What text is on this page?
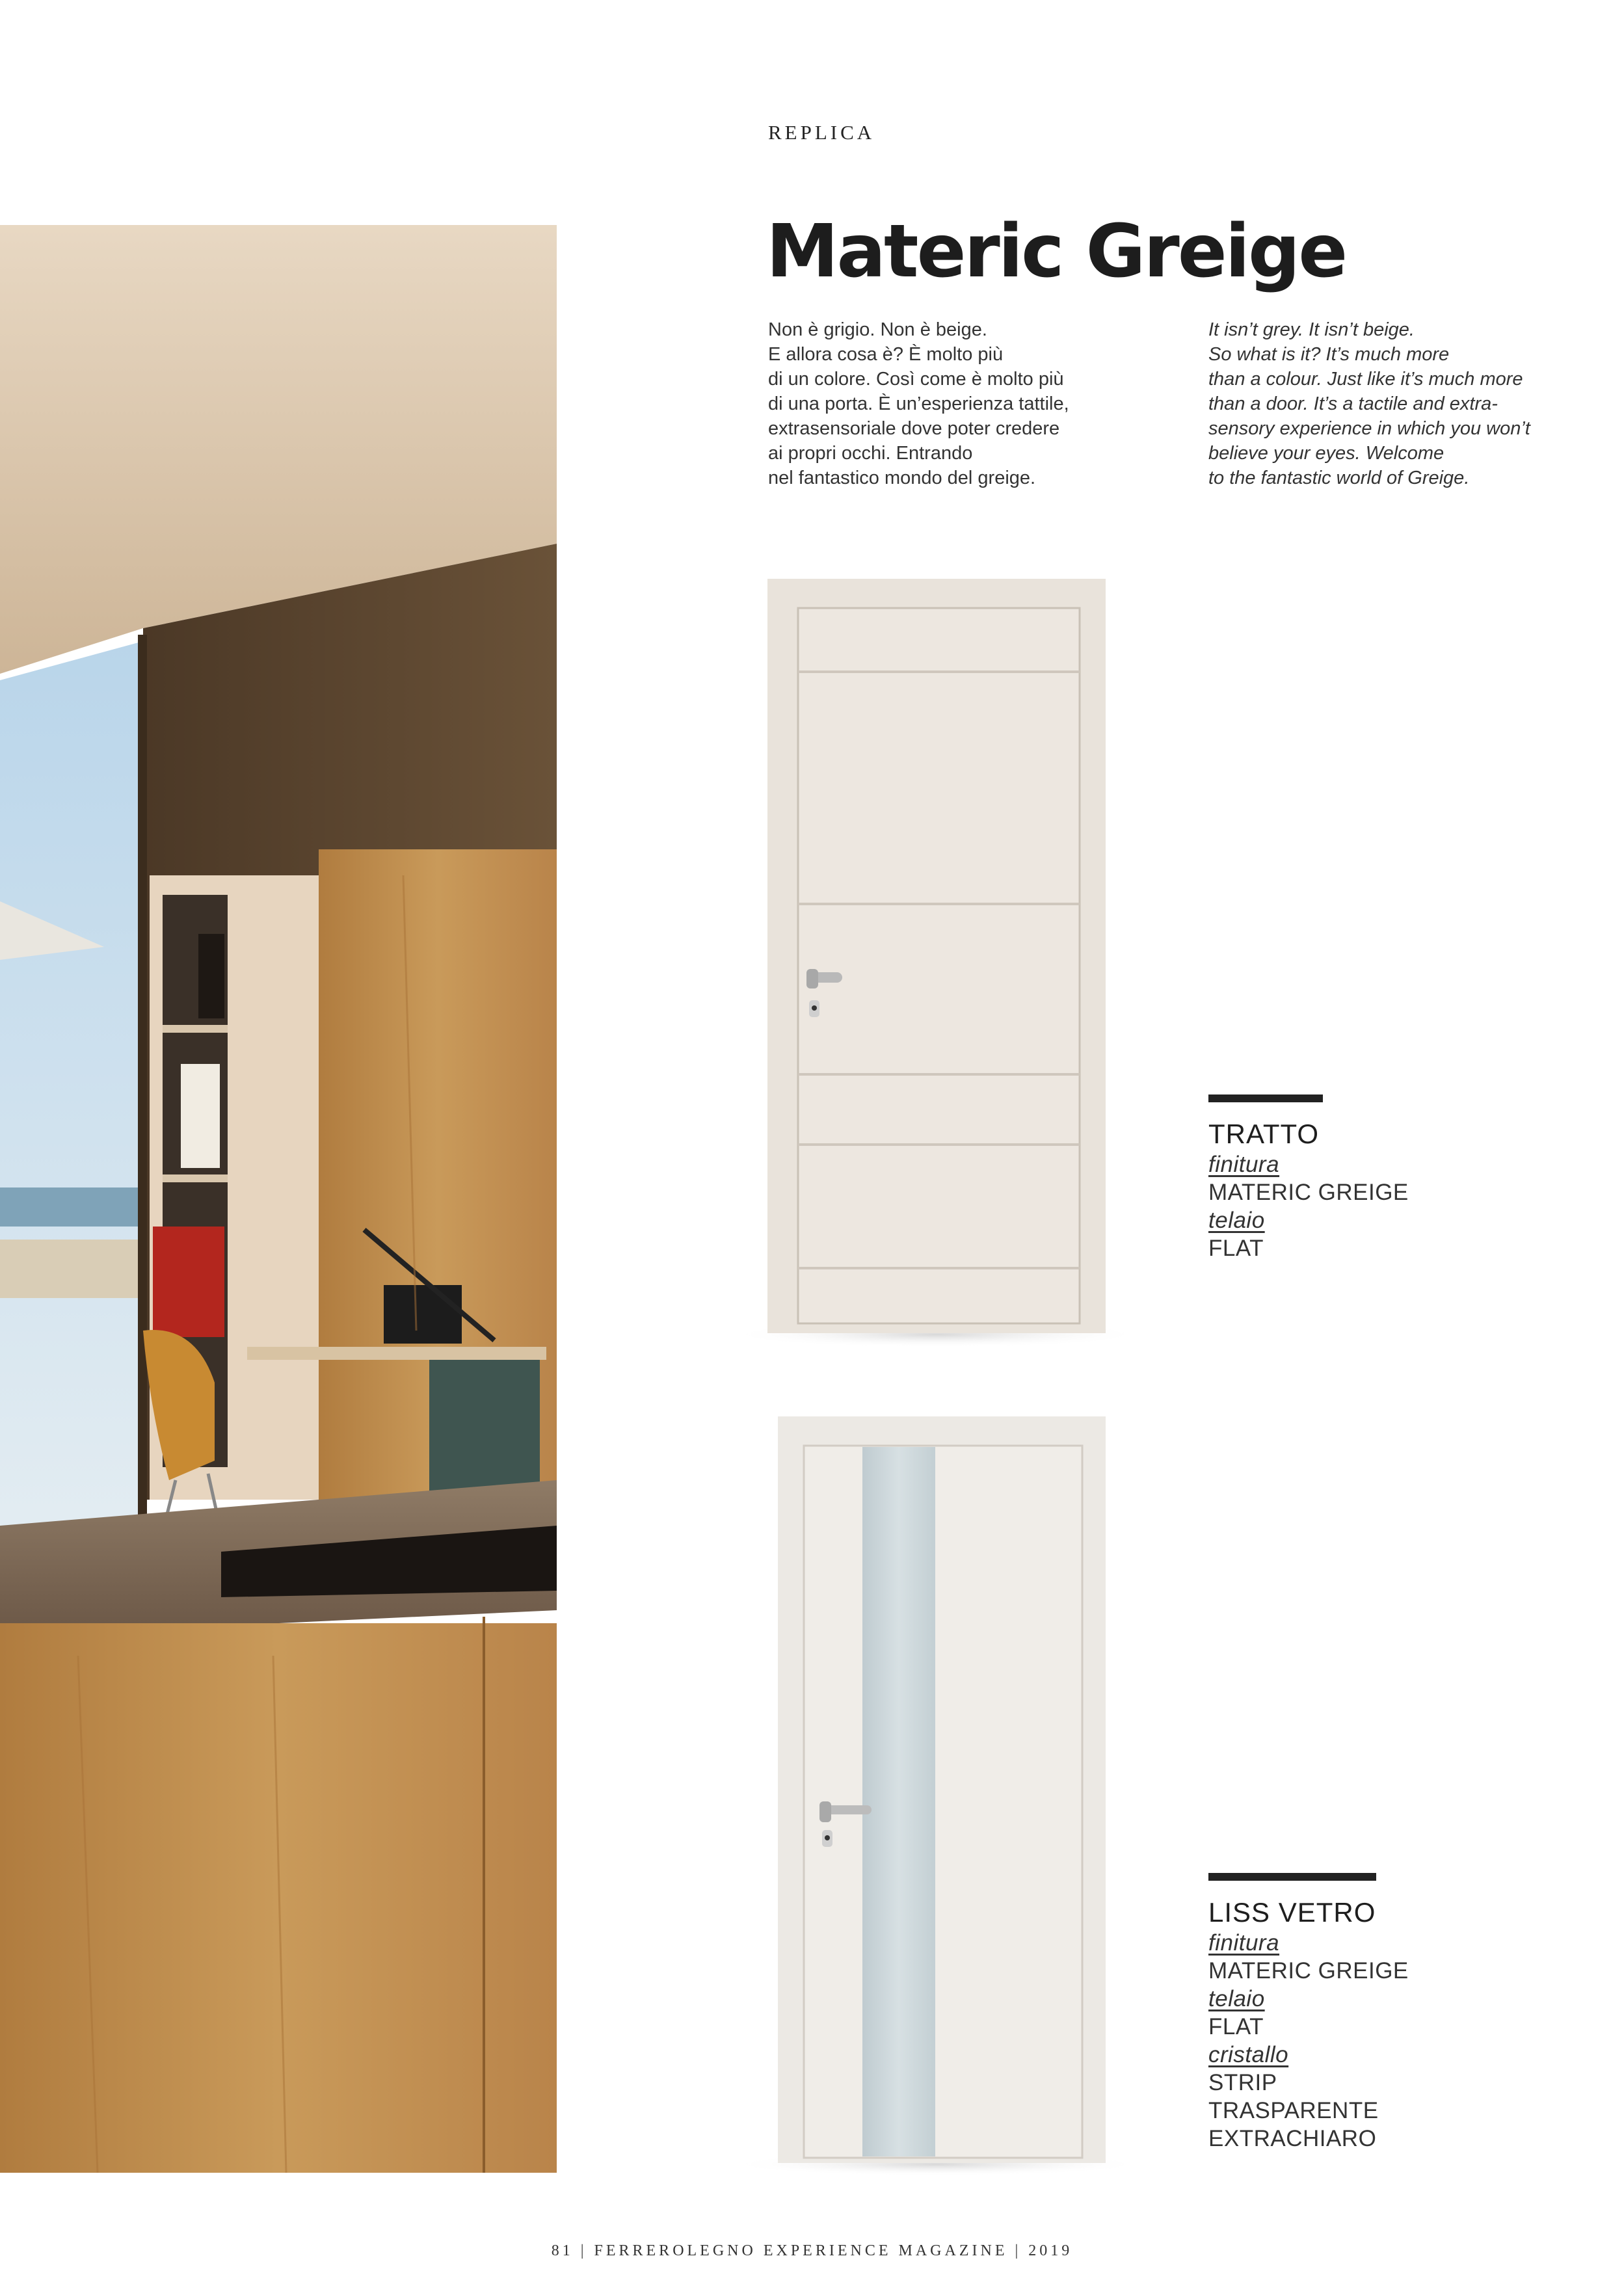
REPLICA
Materic Greige
Non è grigio. Non è beige.
E allora cosa è? È molto più
di un colore. Così come è molto più
di una porta. È un’esperienza tattile,
extrasensoriale dove poter credere
ai propri occhi. Entrando
nel fantastico mondo del greige.
It isn’t grey. It isn’t beige.
So what is it? It’s much more
than a colour. Just like it’s much more
than a door. It’s a tactile and extra-
sensory experience in which you won’t
believe your eyes. Welcome
to the fantastic world of Greige.
TRATTO
finitura
MATERIC GREIGE
telaio
FLAT
LISS VETRO
finitura
MATERIC GREIGE
telaio
FLAT
cristallo
STRIP TRASPARENTE EXTRACHIARO
81 | FERREROLEGNO EXPERIENCE MAGAZINE | 2019
